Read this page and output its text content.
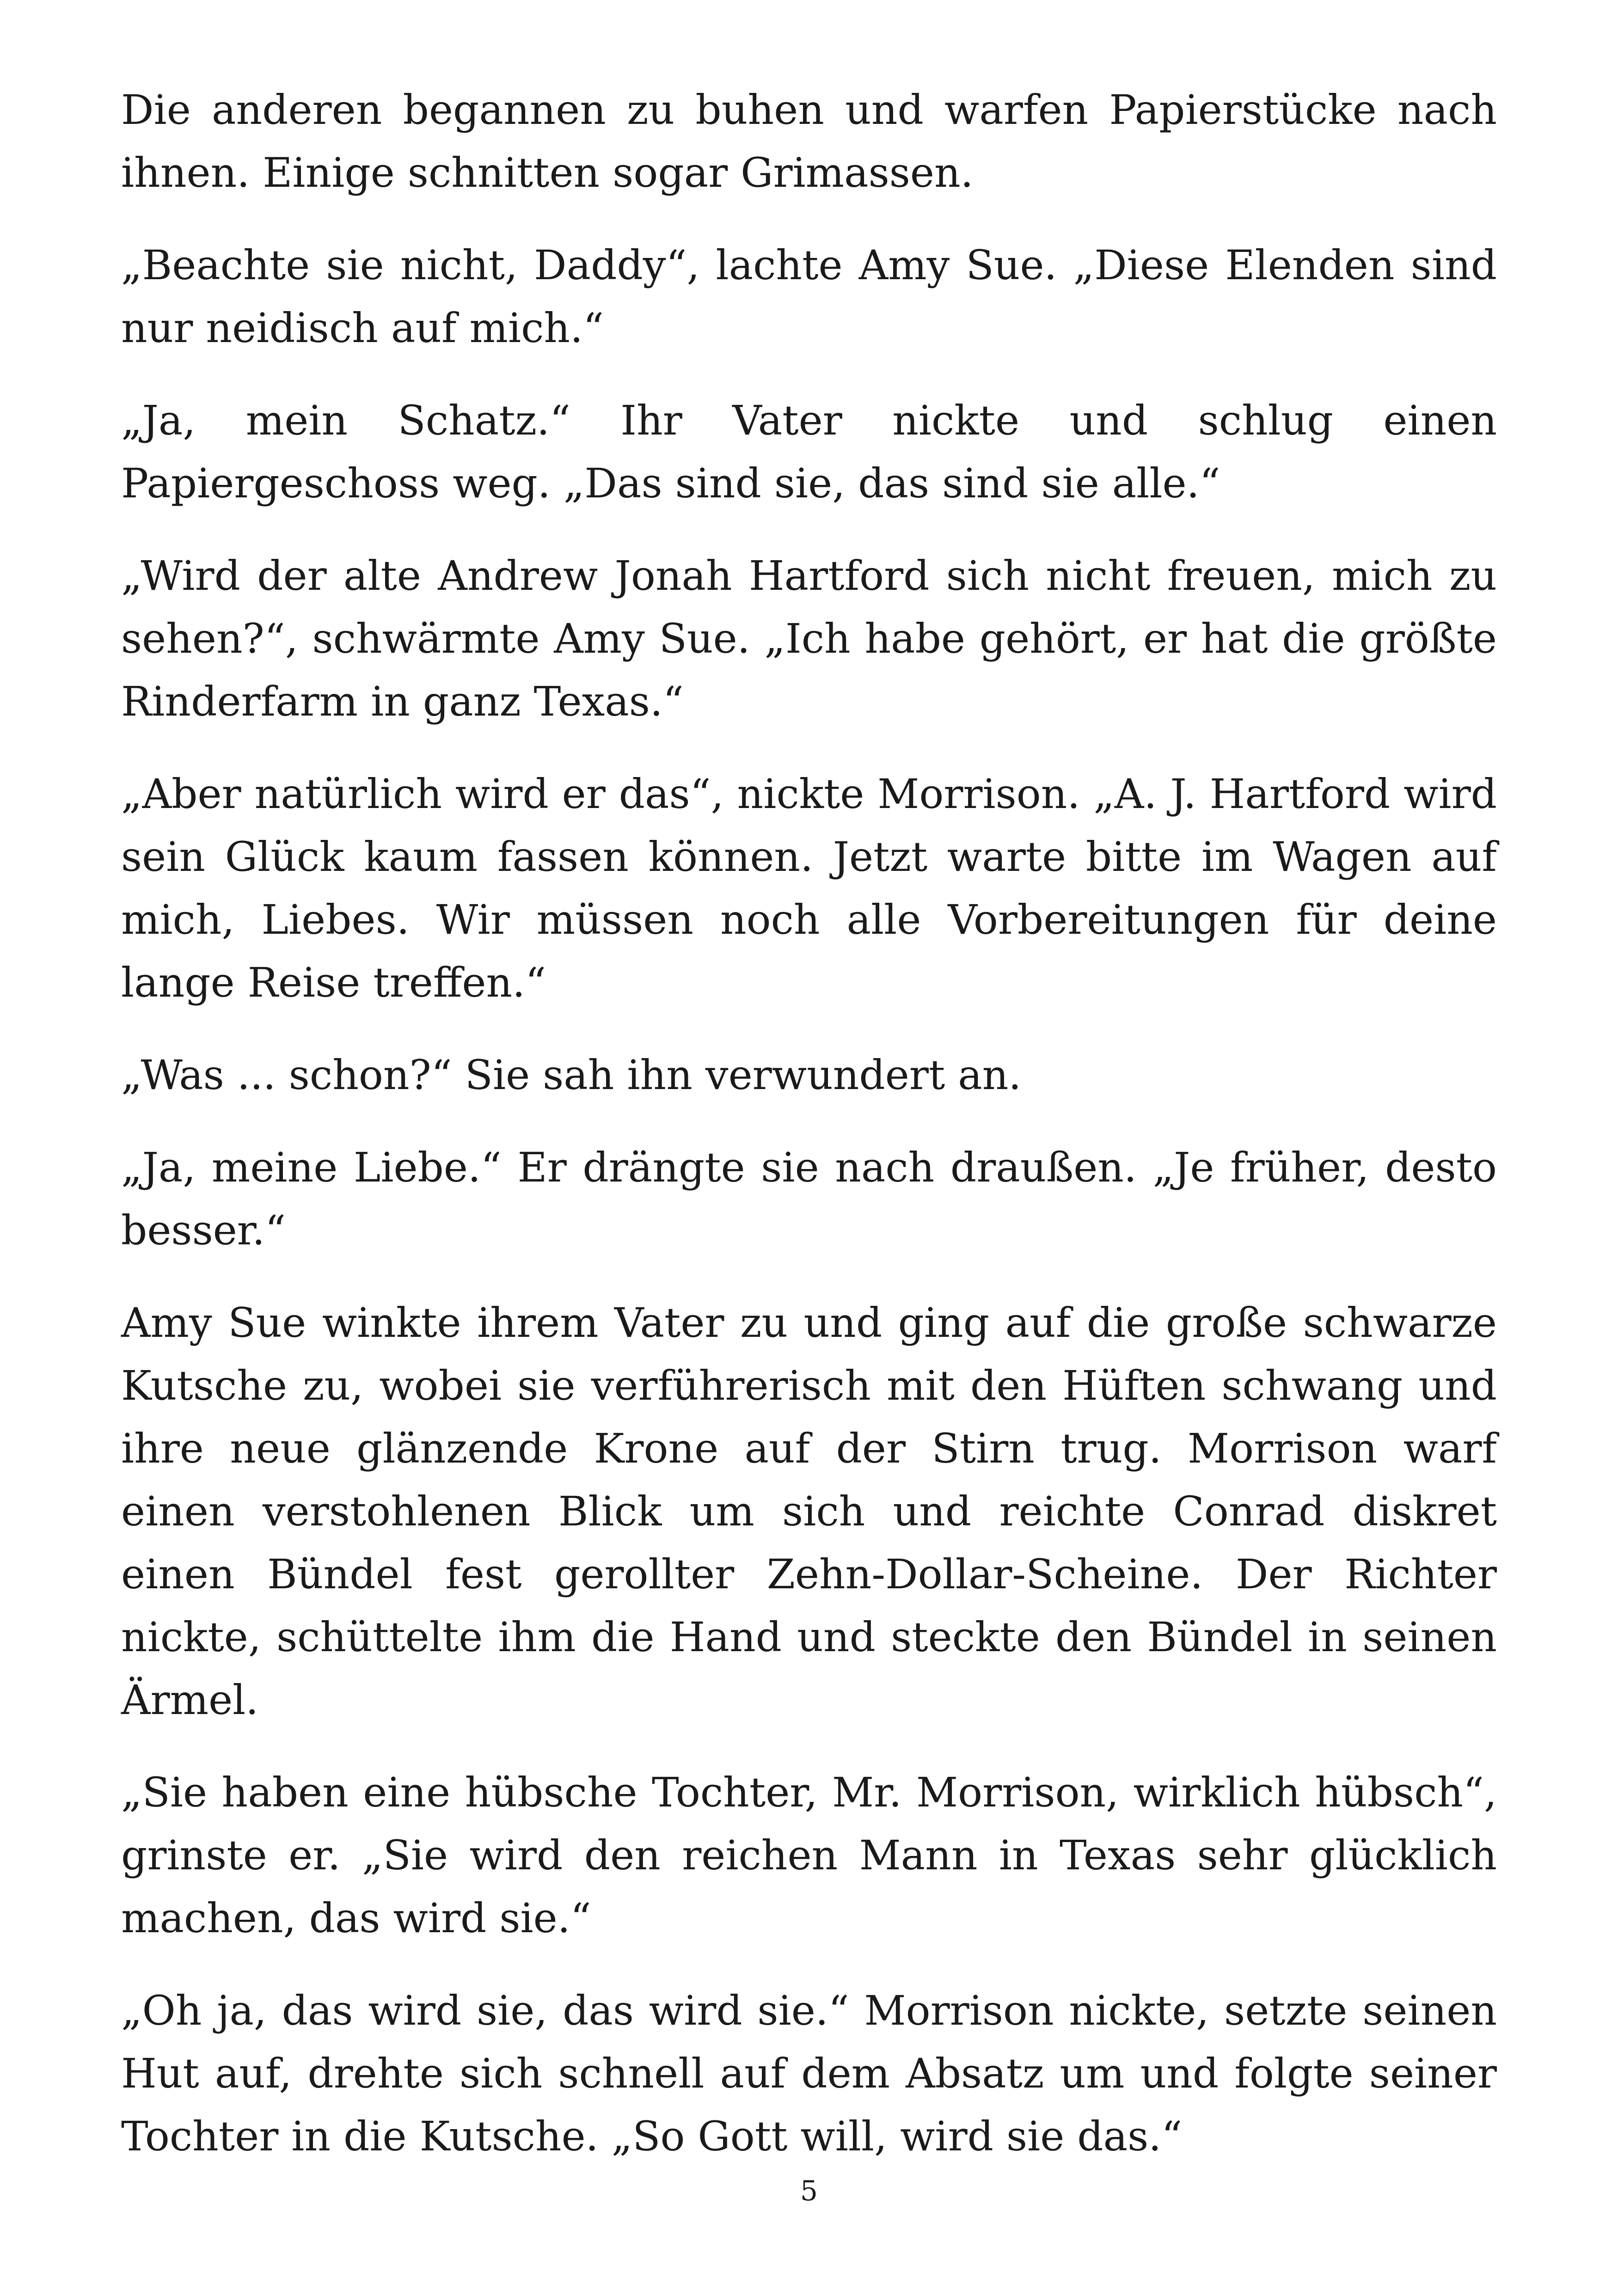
Die anderen begannen zu buhen und warfen Papierstücke nach ihnen. Einige schnitten sogar Grimassen.

„Beachte sie nicht, Daddy“, lachte Amy Sue. „Diese Elenden sind nur neidisch auf mich.“

„Ja, mein Schatz.“ Ihr Vater nickte und schlug einen Papiergeschoss weg. „Das sind sie, das sind sie alle.“

„Wird der alte Andrew Jonah Hartford sich nicht freuen, mich zu sehen?“, schwärmte Amy Sue. „Ich habe gehört, er hat die größte Rinderfarm in ganz Texas.“

„Aber natürlich wird er das“, nickte Morrison. „A. J. Hartford wird sein Glück kaum fassen können. Jetzt warte bitte im Wagen auf mich, Liebes. Wir müssen noch alle Vorbereitungen für deine lange Reise treffen.“

„Was ... schon?“ Sie sah ihn verwundert an.

„Ja, meine Liebe.“ Er drängte sie nach draußen. „Je früher, desto besser.“

Amy Sue winkte ihrem Vater zu und ging auf die große schwarze Kutsche zu, wobei sie verführerisch mit den Hüften schwang und ihre neue glänzende Krone auf der Stirn trug. Morrison warf einen verstohlenen Blick um sich und reichte Conrad diskret einen Bündel fest gerollter Zehn-Dollar-Scheine. Der Richter nickte, schüttelte ihm die Hand und steckte den Bündel in seinen Ärmel.

„Sie haben eine hübsche Tochter, Mr. Morrison, wirklich hübsch“, grinste er. „Sie wird den reichen Mann in Texas sehr glücklich machen, das wird sie.“

„Oh ja, das wird sie, das wird sie.“ Morrison nickte, setzte seinen Hut auf, drehte sich schnell auf dem Absatz um und folgte seiner Tochter in die Kutsche. „So Gott will, wird sie das.“

5
